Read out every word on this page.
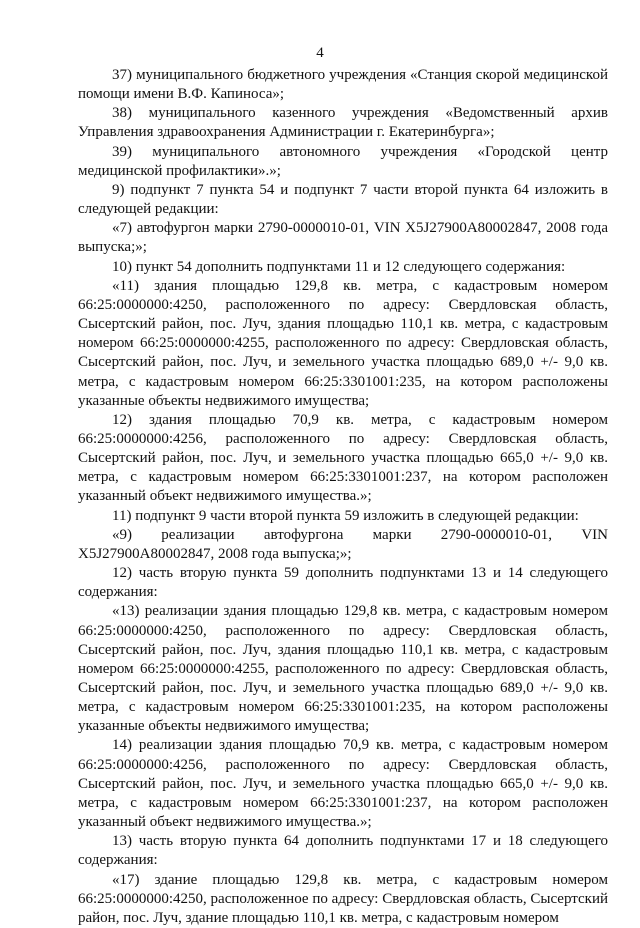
4

37) муниципального бюджетного учреждения «Станция скорой медицинской помощи имени В.Ф. Капиноса»;

38) муниципального казенного учреждения «Ведомственный архив Управления здравоохранения Администрации г. Екатеринбурга»;

39) муниципального автономного учреждения «Городской центр медицинской профилактики».»;

9) подпункт 7 пункта 54 и подпункт 7 части второй пункта 64 изложить в следующей редакции:

«7) автофургон марки 2790-0000010-01, VIN X5J27900A80002847, 2008 года выпуска;»;

10) пункт 54 дополнить подпунктами 11 и 12 следующего содержания:

«11) здания площадью 129,8 кв. метра, с кадастровым номером 66:25:0000000:4250, расположенного по адресу: Свердловская область, Сысертский район, пос. Луч, здания площадью 110,1 кв. метра, с кадастровым номером 66:25:0000000:4255, расположенного по адресу: Свердловская область, Сысертский район, пос. Луч, и земельного участка площадью 689,0 +/- 9,0 кв. метра, с кадастровым номером 66:25:3301001:235, на котором расположены указанные объекты недвижимого имущества;

12) здания площадью 70,9 кв. метра, с кадастровым номером 66:25:0000000:4256, расположенного по адресу: Свердловская область, Сысертский район, пос. Луч, и земельного участка площадью 665,0 +/- 9,0 кв. метра, с кадастровым номером 66:25:3301001:237, на котором расположен указанный объект недвижимого имущества.»;

11) подпункт 9 части второй пункта 59 изложить в следующей редакции:

«9) реализации автофургона марки 2790-0000010-01, VIN X5J27900A80002847, 2008 года выпуска;»;

12) часть вторую пункта 59 дополнить подпунктами 13 и 14 следующего содержания:

«13) реализации здания площадью 129,8 кв. метра, с кадастровым номером 66:25:0000000:4250, расположенного по адресу: Свердловская область, Сысертский район, пос. Луч, здания площадью 110,1 кв. метра, с кадастровым номером 66:25:0000000:4255, расположенного по адресу: Свердловская область, Сысертский район, пос. Луч, и земельного участка площадью 689,0 +/- 9,0 кв. метра, с кадастровым номером 66:25:3301001:235, на котором расположены указанные объекты недвижимого имущества;

14) реализации здания площадью 70,9 кв. метра, с кадастровым номером 66:25:0000000:4256, расположенного по адресу: Свердловская область, Сысертский район, пос. Луч, и земельного участка площадью 665,0 +/- 9,0 кв. метра, с кадастровым номером 66:25:3301001:237, на котором расположен указанный объект недвижимого имущества.»;

13) часть вторую пункта 64 дополнить подпунктами 17 и 18 следующего содержания:

«17) здание площадью 129,8 кв. метра, с кадастровым номером 66:25:0000000:4250, расположенное по адресу: Свердловская область, Сысертский район, пос. Луч, здание площадью 110,1 кв. метра, с кадастровым номером
